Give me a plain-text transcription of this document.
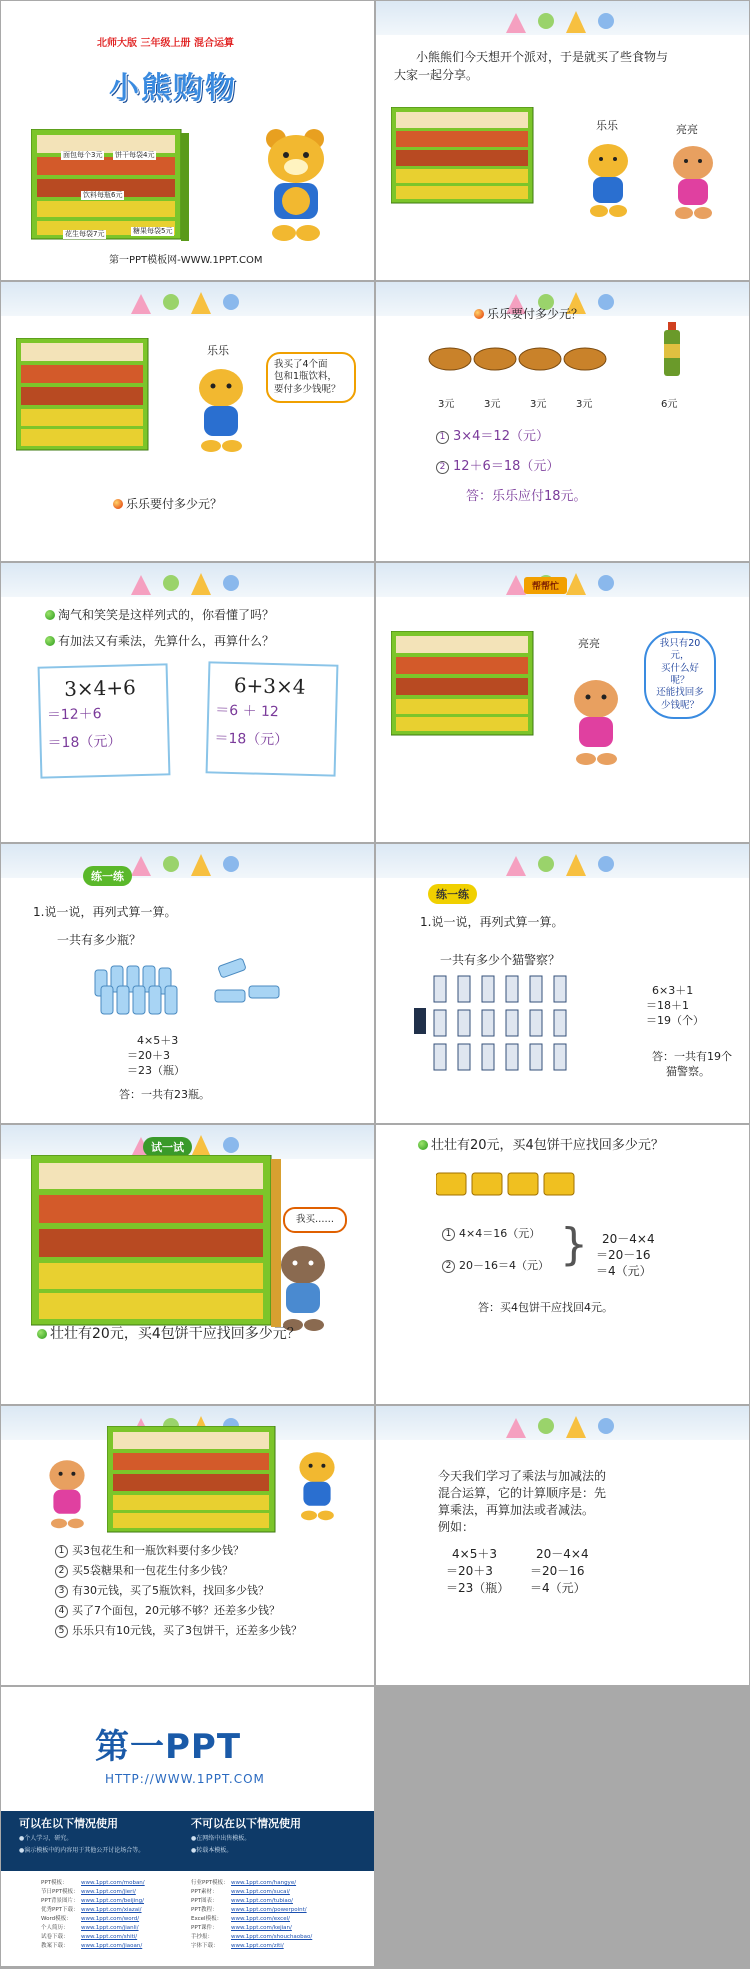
北师大版 三年级上册 混合运算
小熊购物
面包每个3元 饼干每袋4元
饮料每瓶6元
花生每袋7元	糖果每袋5元
第一PPT模板网-WWW.1PPT.COM
小熊熊们今天想开个派对，于是就买了些食物与
大家一起分享。
乐乐	亮亮
乐乐
我买了4个面
包和1瓶饮料，
要付多少钱呢？
乐乐要付多少元？
乐乐要付多少元？
3元	3元	3元	3元	6元
1 3×4＝12（元）
2 12＋6＝18（元）
答：乐乐应付18元。
淘气和笑笑是这样列式的，你看懂了吗？
有加法又有乘法，先算什么，再算什么？
3×4+6
＝12＋6
＝18（元）
6+3×4
＝6 ＋ 12
＝18（元）
帮帮忙
亮亮	我只有20元，
买什么好呢？
还能找回多
少钱呢？
练一练
1.说一说，再列式算一算。
一共有多少瓶？
4×5＋3
＝20＋3
＝23（瓶）
答：一共有23瓶。
练一练
1.说一说，再列式算一算。
一共有多少个猫警察？
6×3＋1
＝18＋1
＝19（个）
答：一共有19个
猫警察。
试一试
我买……
壮壮有20元，买4包饼干应找回多少元？
壮壮有20元，买4包饼干应找回多少元？
1 4×4＝16（元）
2 20－16＝4（元） } 20－4×4
＝20－16
＝4（元）
答：买4包饼干应找回4元。
1 买3包花生和一瓶饮料要付多少钱？
2 买5袋糖果和一包花生付多少钱？
3 有30元钱，买了5瓶饮料，找回多少钱？
4 买了7个面包，20元够不够？还差多少钱？
5 乐乐只有10元钱，买了3包饼干，还差多少钱？
今天我们学习了乘法与加减法的
混合运算，它的计算顺序是：先
算乘法，再算加法或者减法。
例如：
4×5＋3
＝20＋3
＝23（瓶）
20－4×4
＝20－16
＝4（元）
第一PPT
HTTP://WWW.1PPT.COM
可以在以下情况使用
●个人学习、研究。
●演示模板中的内容用于其他公开讨论场合等。
不可以在以下情况使用
●在网络中出售模板。
●转载本模板。
PPT模板： www.1ppt.com/moban/
节日PPT模板： www.1ppt.com/jieri/
PPT背景图片： www.1ppt.com/beijing/
优秀PPT下载： www.1ppt.com/xiazai/
Word模板： www.1ppt.com/word/
个人简历： www.1ppt.com/jianli/
试卷下载： www.1ppt.com/shiti/
教案下载： www.1ppt.com/jiaoan/
行业PPT模板： www.1ppt.com/hangye/
PPT素材： www.1ppt.com/sucai/
PPT图表： www.1ppt.com/tubiao/
PPT教程： www.1ppt.com/powerpoint/
Excel模板： www.1ppt.com/excel/
PPT课件： www.1ppt.com/kejian/
手抄报：	www.1ppt.com/shouchaobao/
字体下载： www.1ppt.com/ziti/
